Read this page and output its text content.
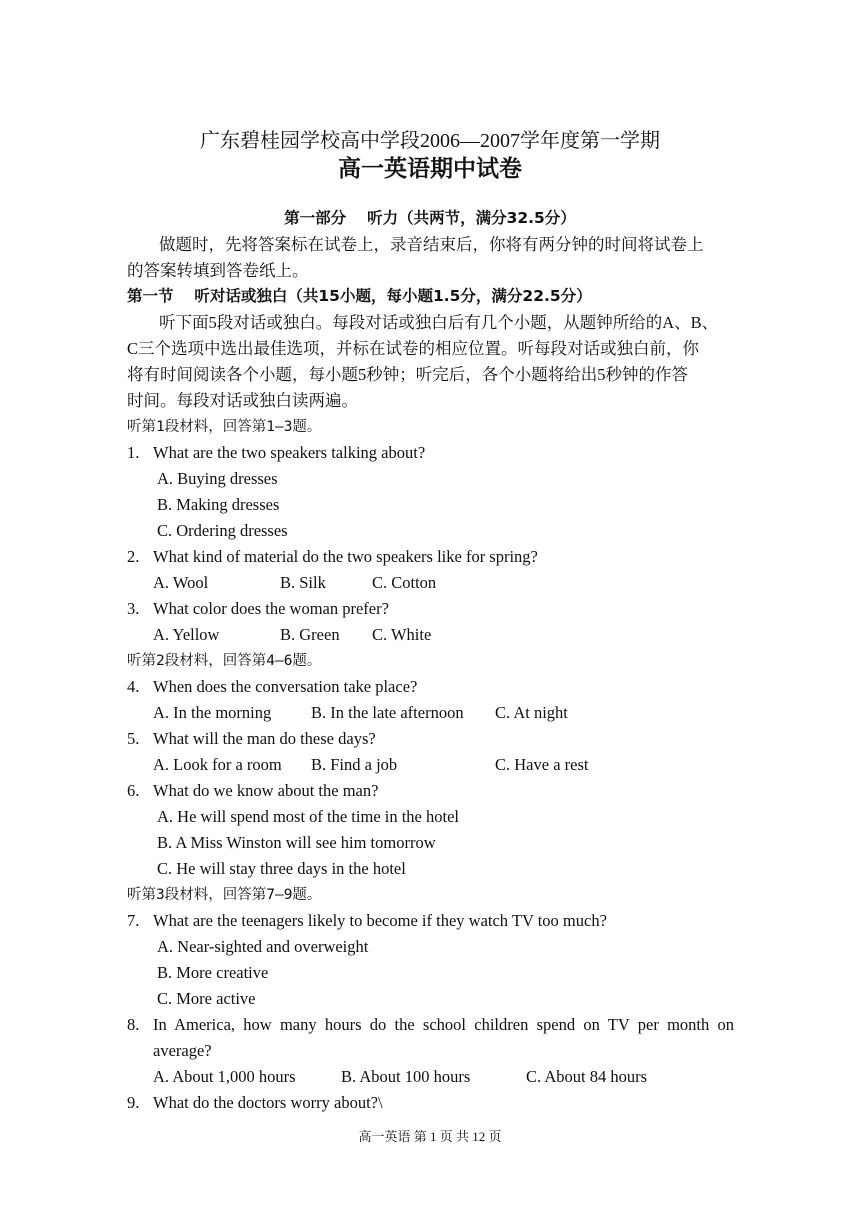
广东碧桂园学校高中学段2006—2007学年度第一学期
高一英语期中试卷
第一部分　 听力（共两节，满分32.5分）
做题时，先将答案标在试卷上，录音结束后，你将有两分钟的时间将试卷上
的答案转填到答卷纸上。
第一节　 听对话或独白（共15小题，每小题1.5分，满分22.5分）
听下面5段对话或独白。每段对话或独白后有几个小题，从题钟所给的A、B、
C三个选项中选出最佳选项，并标在试卷的相应位置。听每段对话或独白前，你
将有时间阅读各个小题，每小题5秒钟；听完后，各个小题将给出5秒钟的作答
时间。每段对话或独白读两遍。
听第1段材料，回答第1—3题。
1. What are the two speakers talking about?
A. Buying dresses
B. Making dresses
C. Ordering dresses
2. What kind of material do the two speakers like for spring?
A. Wool	B. Silk	C. Cotton
3. What color does the woman prefer?
A. Yellow	B. Green C. White
听第2段材料，回答第4—6题。
4. When does the conversation take place?
A. In the morning B. In the late afternoon C. At night
5. What will the man do these days?
A. Look for a room B. Find a job	C. Have a rest
6. What do we know about the man?
A. He will spend most of the time in the hotel
B. A Miss Winston will see him tomorrow
C. He will stay three days in the hotel
听第3段材料，回答第7—9题。
7. What are the teenagers likely to become if they watch TV too much?
A. Near-sighted and overweight
B. More creative
C. More active
8. In America, how many hours do the school children spend on TV per month on
average?
A. About 1,000 hours	B. About 100 hours	C. About 84 hours
9. What do the doctors worry about?\
高一英语 第 1 页 共 12 页
